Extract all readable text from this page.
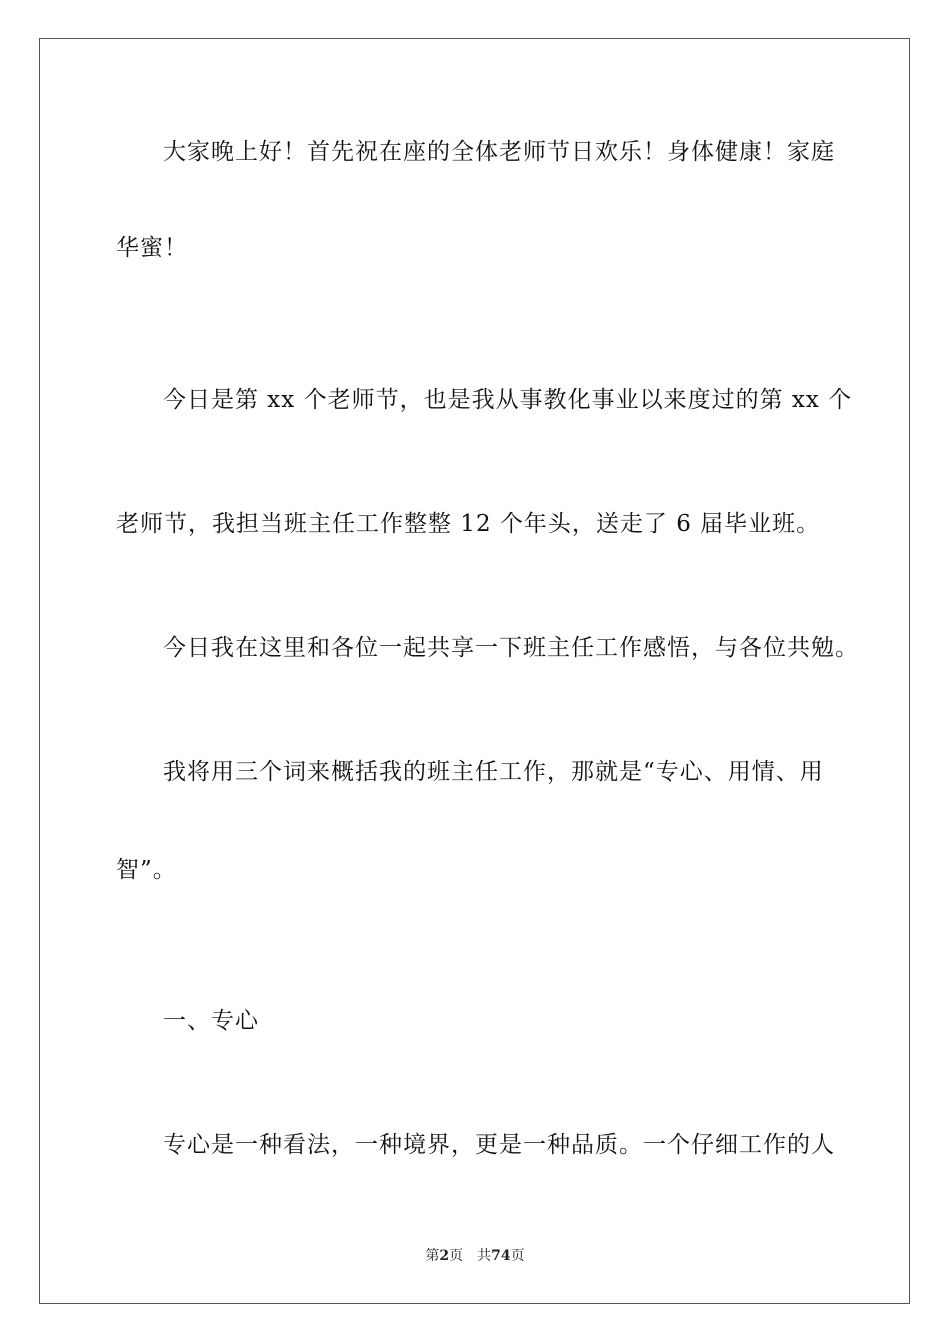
大家晚上好！首先祝在座的全体老师节日欢乐！身体健康！家庭
华蜜！
今日是第 xx 个老师节，也是我从事教化事业以来度过的第 xx 个
老师节，我担当班主任工作整整 12 个年头，送走了 6 届毕业班。
今日我在这里和各位一起共享一下班主任工作感悟，与各位共勉。
我将用三个词来概括我的班主任工作，那就是“专心、用情、用
智”。
一、专心
专心是一种看法，一种境界，更是一种品质。一个仔细工作的人
第2页 共74页
